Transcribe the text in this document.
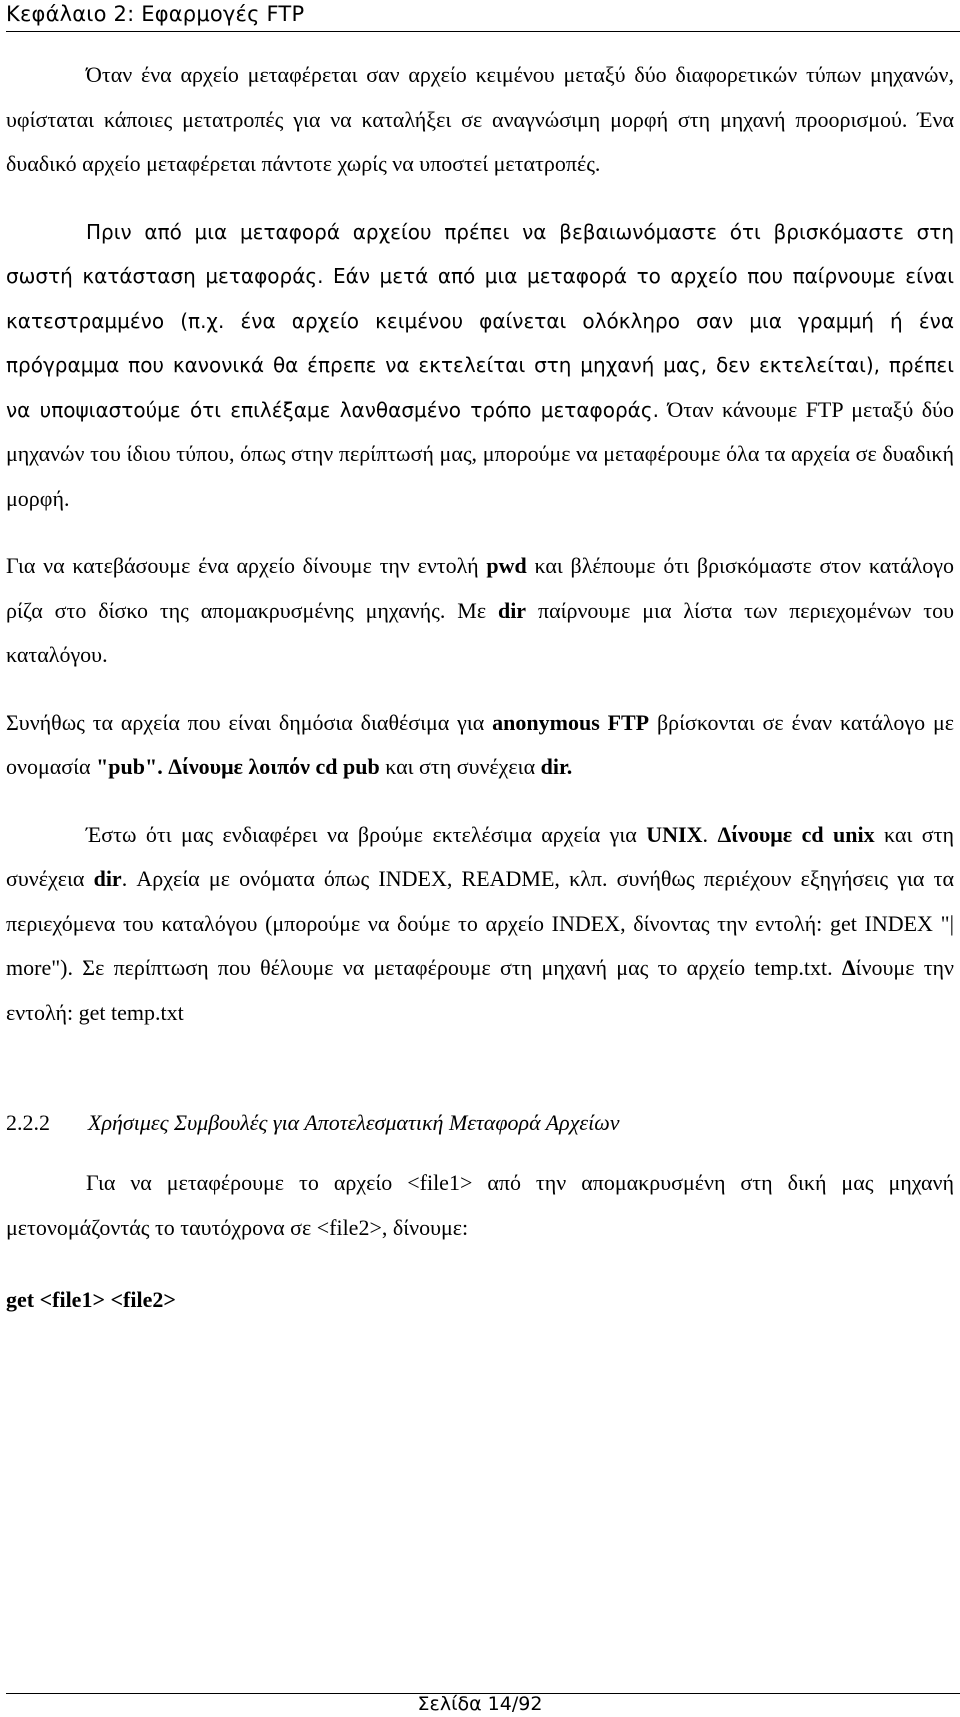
Κεφάλαιο 2: Εφαρμογές FTP

Όταν ένα αρχείο μεταφέρεται σαν αρχείο κειμένου μεταξύ δύο διαφορετικών τύπων μηχανών, υφίσταται κάποιες μετατροπές για να καταλήξει σε αναγνώσιμη μορφή στη μηχανή προορισμού. Ένα δυαδικό αρχείο μεταφέρεται πάντοτε χωρίς να υποστεί μετατροπές.

Πριν από μια μεταφορά αρχείου πρέπει να βεβαιωνόμαστε ότι βρισκόμαστε στη σωστή κατάσταση μεταφοράς. Εάν μετά από μια μεταφορά το αρχείο που παίρνουμε είναι κατεστραμμένο (π.χ. ένα αρχείο κειμένου φαίνεται ολόκληρο σαν μια γραμμή ή ένα πρόγραμμα που κανονικά θα έπρεπε να εκτελείται στη μηχανή μας, δεν εκτελείται), πρέπει να υποψιαστούμε ότι επιλέξαμε λανθασμένο τρόπο μεταφοράς. Όταν κάνουμε FTP μεταξύ δύο μηχανών του ίδιου τύπου, όπως στην περίπτωσή μας, μπορούμε να μεταφέρουμε όλα τα αρχεία σε δυαδική μορφή.

Για να κατεβάσουμε ένα αρχείο δίνουμε την εντολή pwd και βλέπουμε ότι βρισκόμαστε στον κατάλογο ρίζα στο δίσκο της απομακρυσμένης μηχανής. Με dir παίρνουμε μια λίστα των περιεχομένων του καταλόγου.

Συνήθως τα αρχεία που είναι δημόσια διαθέσιμα για anonymous FTP βρίσκονται σε έναν κατάλογο με ονομασία "pub". Δίνουμε λοιπόν cd pub και στη συνέχεια dir.

Έστω ότι μας ενδιαφέρει να βρούμε εκτελέσιμα αρχεία για UNIX. Δίνουμε cd unix και στη συνέχεια dir. Αρχεία με ονόματα όπως INDEX, README, κλπ. συνήθως περιέχουν εξηγήσεις για τα περιεχόμενα του καταλόγου (μπορούμε να δούμε το αρχείο INDEX, δίνοντας την εντολή: get INDEX "| more"). Σε περίπτωση που θέλουμε να μεταφέρουμε στη μηχανή μας το αρχείο temp.txt. Δίνουμε την εντολή: get temp.txt

2.2.2 Χρήσιμες Συμβουλές για Αποτελεσματική Μεταφορά Αρχείων

Για να μεταφέρουμε το αρχείο <file1> από την απομακρυσμένη στη δική μας μηχανή μετονομάζοντάς το ταυτόχρονα σε <file2>, δίνουμε:

get <file1> <file2>

Σελίδα 14/92
